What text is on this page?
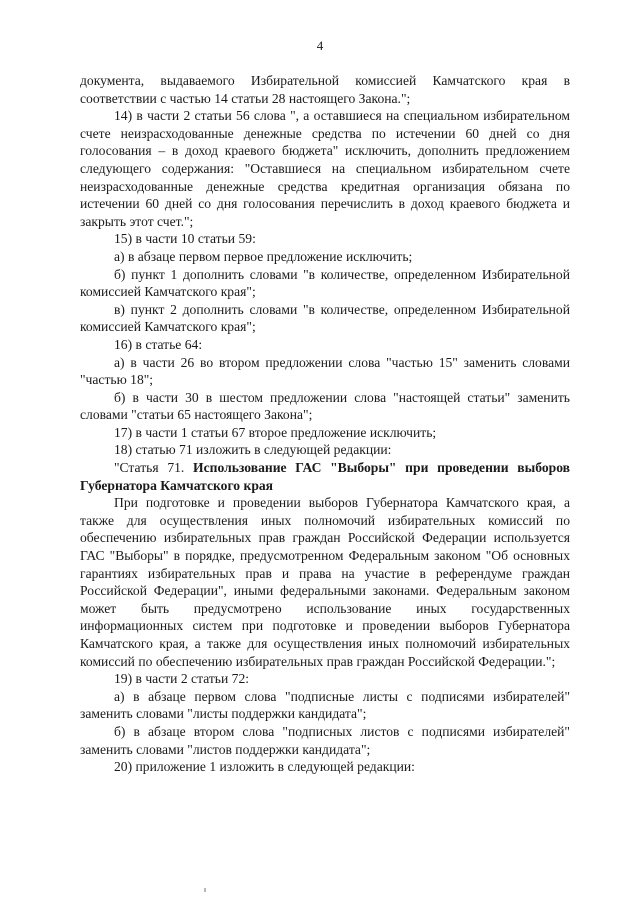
4

документа, выдаваемого Избирательной комиссией Камчатского края в соответствии с частью 14 статьи 28 настоящего Закона.";

14) в части 2 статьи 56 слова ", а оставшиеся на специальном избирательном счете неизрасходованные денежные средства по истечении 60 дней со дня голосования – в доход краевого бюджета" исключить, дополнить предложением следующего содержания: "Оставшиеся на специальном избирательном счете неизрасходованные денежные средства кредитная организация обязана по истечении 60 дней со дня голосования перечислить в доход краевого бюджета и закрыть этот счет.";

15) в части 10 статьи 59:

а) в абзаце первом первое предложение исключить;

б) пункт 1 дополнить словами "в количестве, определенном Избирательной комиссией Камчатского края";

в) пункт 2 дополнить словами "в количестве, определенном Избирательной комиссией Камчатского края";

16) в статье 64:

а) в части 26 во втором предложении слова "частью 15" заменить словами "частью 18";

б) в части 30 в шестом предложении слова "настоящей статьи" заменить словами "статьи 65 настоящего Закона";

17) в части 1 статьи 67 второе предложение исключить;

18) статью 71 изложить в следующей редакции:

"Статья 71. Использование ГАС "Выборы" при проведении выборов Губернатора Камчатского края

При подготовке и проведении выборов Губернатора Камчатского края, а также для осуществления иных полномочий избирательных комиссий по обеспечению избирательных прав граждан Российской Федерации используется ГАС "Выборы" в порядке, предусмотренном Федеральным законом "Об основных гарантиях избирательных прав и права на участие в референдуме граждан Российской Федерации", иными федеральными законами. Федеральным законом может быть предусмотрено использование иных государственных информационных систем при подготовке и проведении выборов Губернатора Камчатского края, а также для осуществления иных полномочий избирательных комиссий по обеспечению избирательных прав граждан Российской Федерации.";

19) в части 2 статьи 72:

а) в абзаце первом слова "подписные листы с подписями избирателей" заменить словами "листы поддержки кандидата";

б) в абзаце втором слова "подписных листов с подписями избирателей" заменить словами "листов поддержки кандидата";

20) приложение 1 изложить в следующей редакции:
